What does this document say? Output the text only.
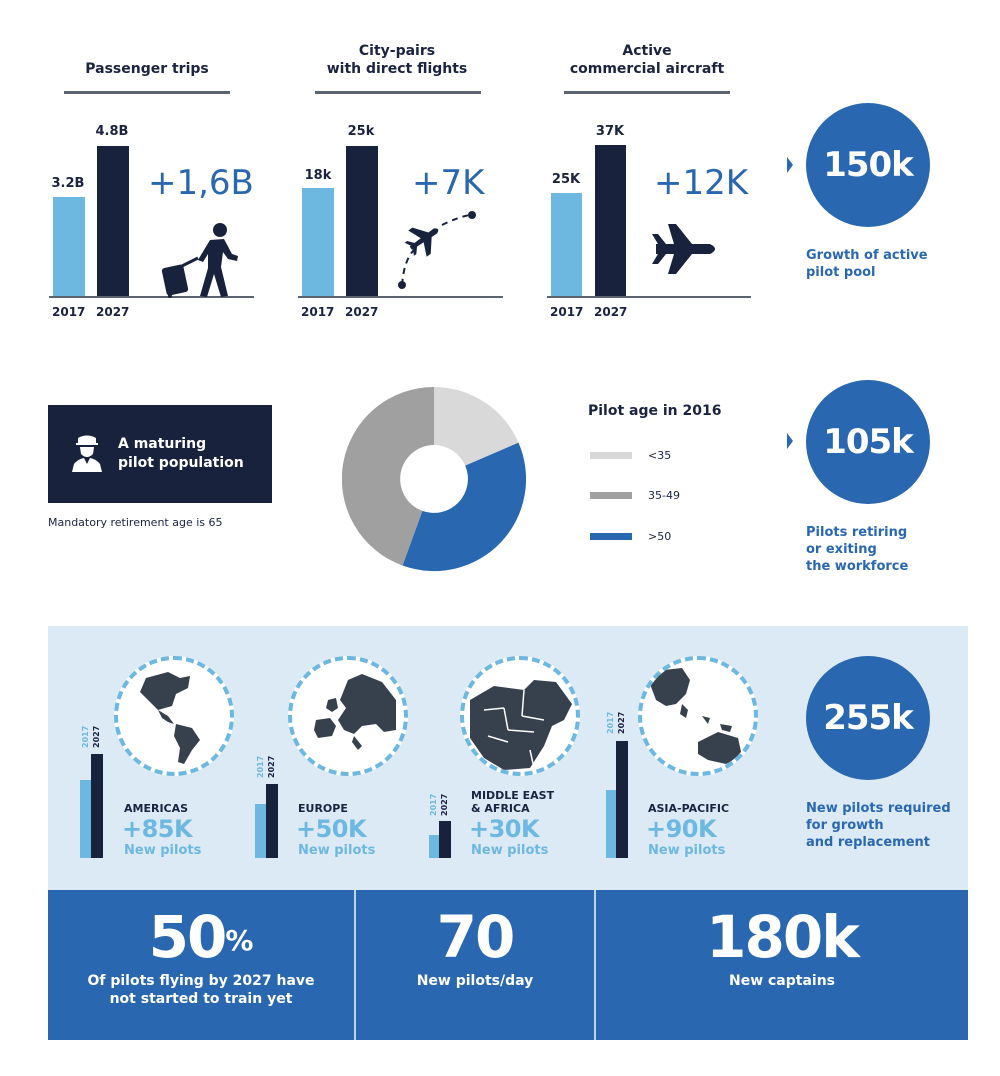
Passenger trips
3.2B
4.8B
2017 2027
+1,6B
City-pairs
with direct flights
18k
25k
2017 2027
+7K
Active
commercial aircraft
25K
37K
2017 2027
+12K	150k
Growth of active
pilot pool
A maturing
pilot population
Mandatory retirement age is 65
Pilot age in 2016
<35
35-49
>50
105k
Pilots retiring
or exiting
the workforce
2017 2027
AMERICAS
+85K
New pilots
2017 2027
EUROPE
+50K
New pilots
2017 2027 MIDDLE EAST
& AFRICA
+30K
New pilots
2017 2027
ASIA-PACIFIC
+90K
New pilots
255k
New pilots required
for growth
and replacement
50%
Of pilots flying by 2027 have
not started to train yet
70
New pilots/day
180k
New captains
